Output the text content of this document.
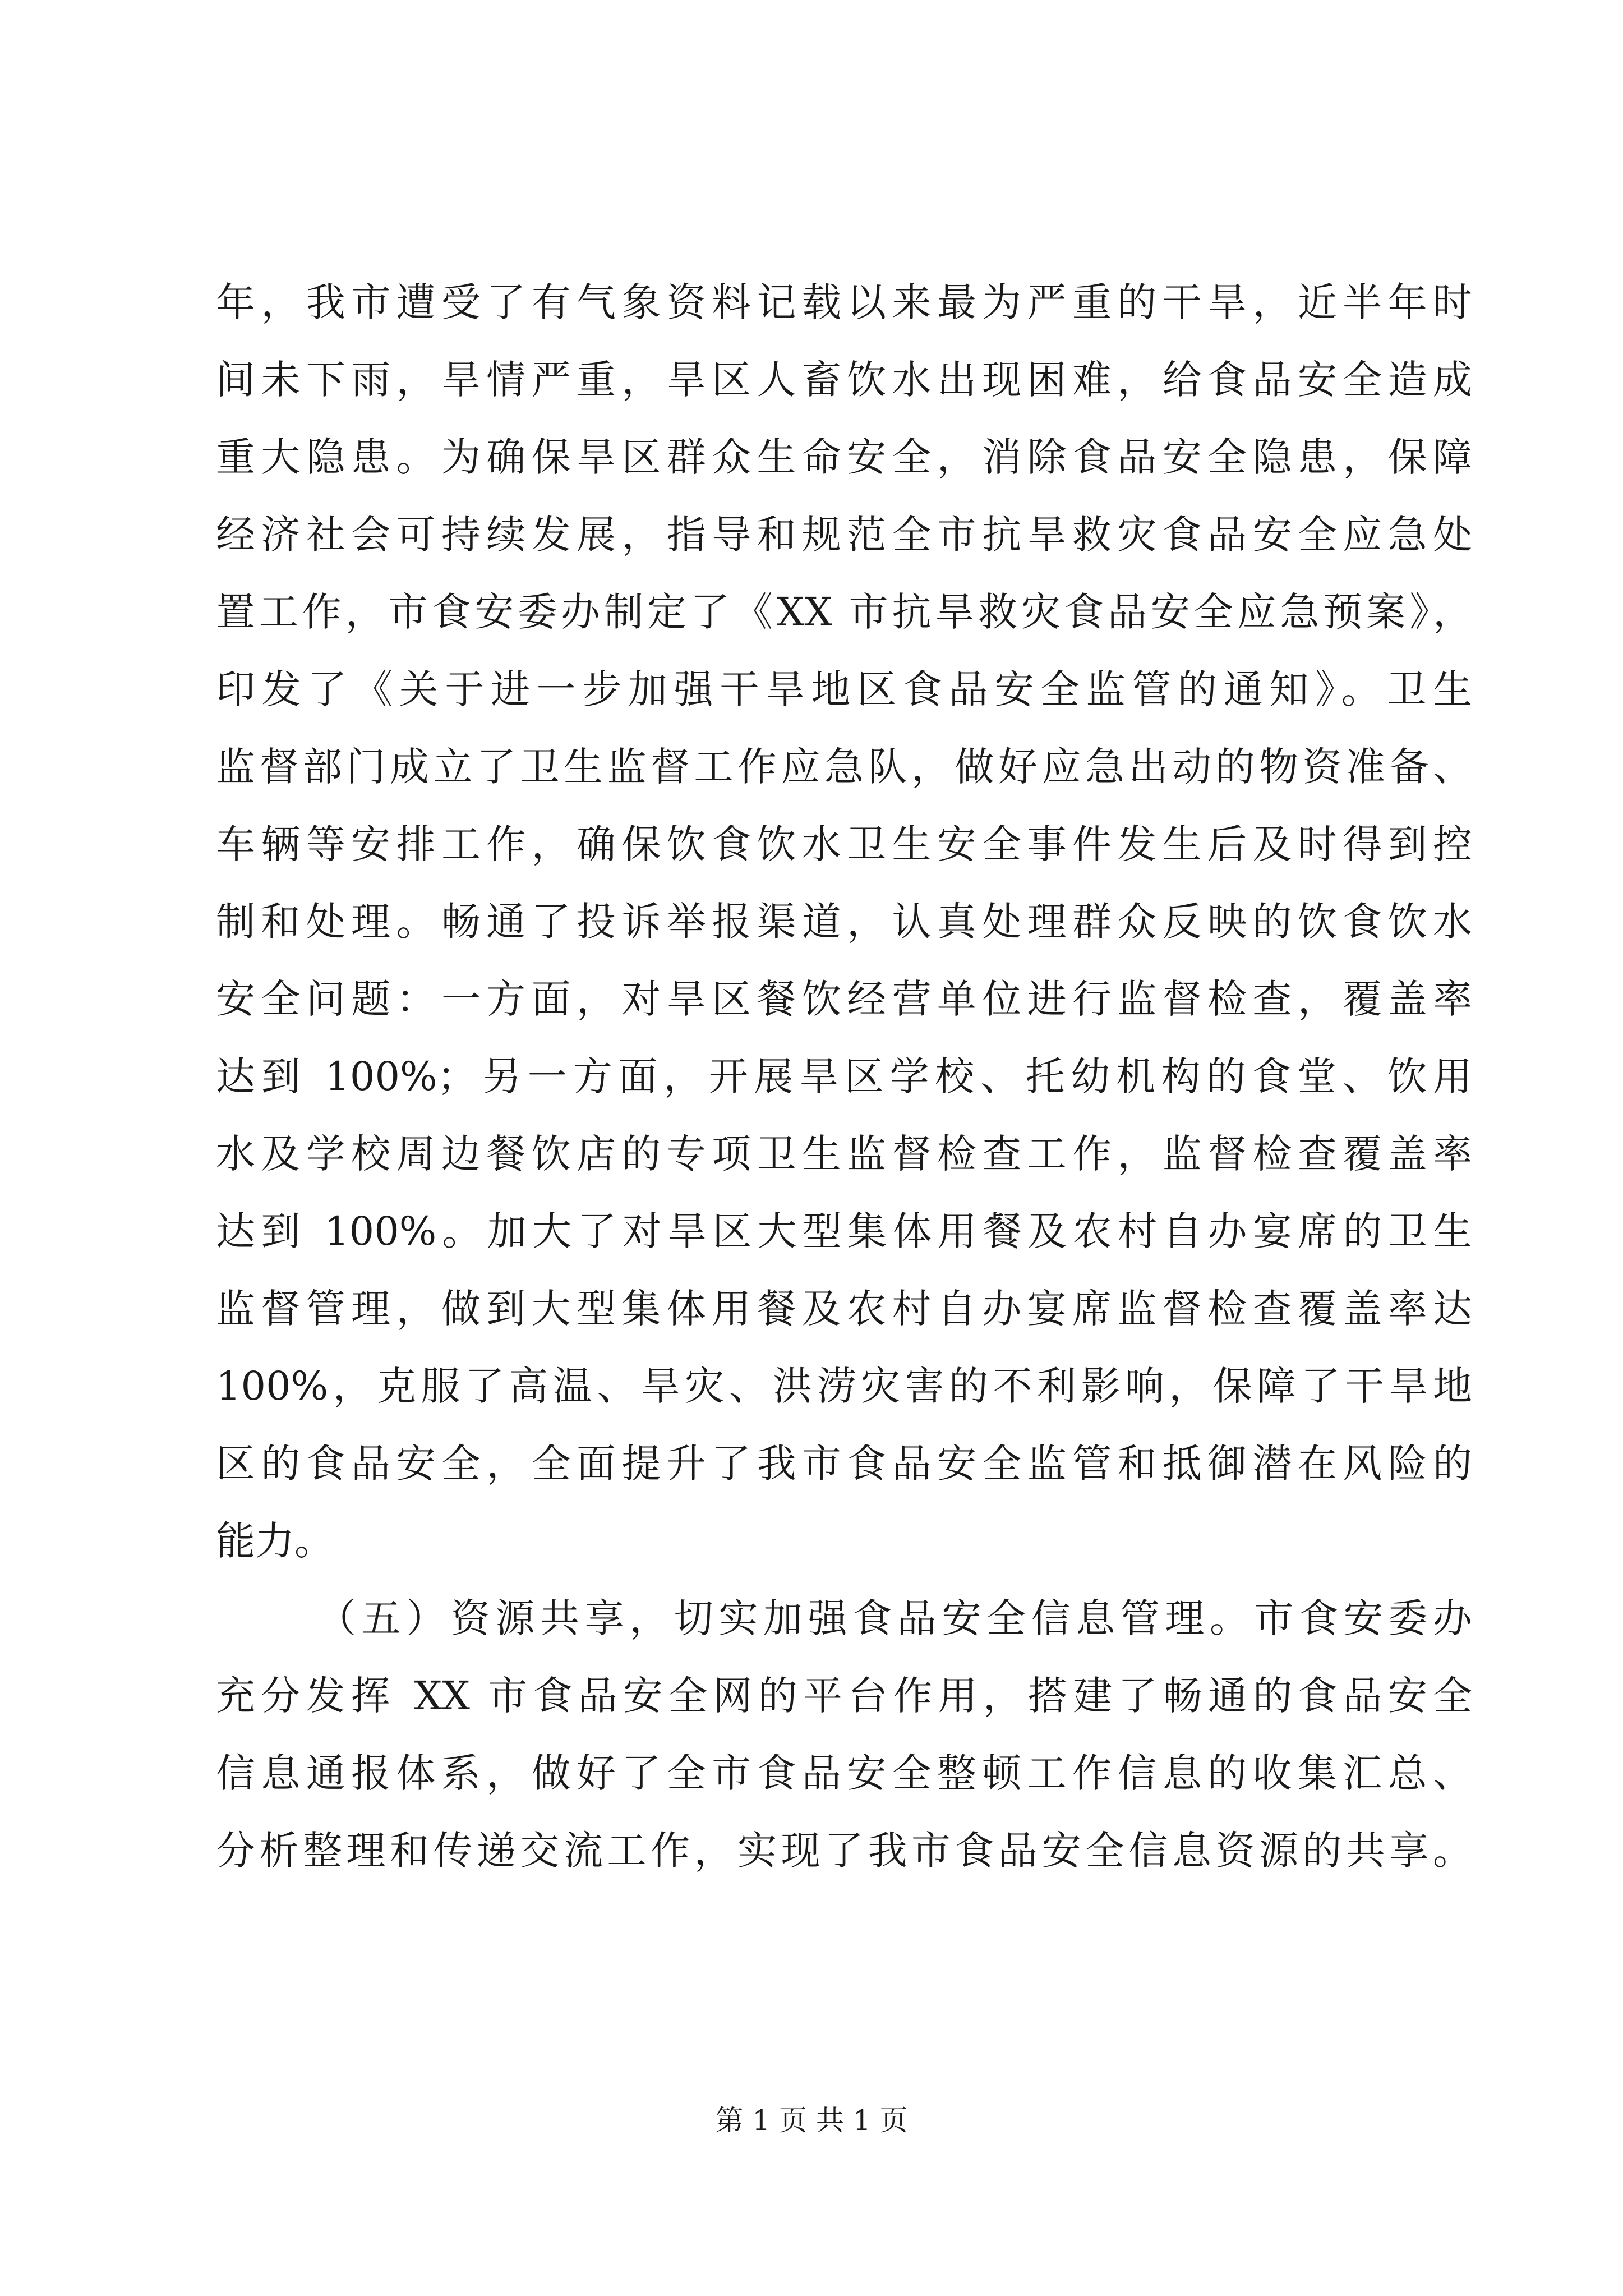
年，我市遭受了有气象资料记载以来最为严重的干旱，近半年时
间未下雨，旱情严重，旱区人畜饮水出现困难，给食品安全造成
重大隐患。为确保旱区群众生命安全，消除食品安全隐患，保障
经济社会可持续发展，指导和规范全市抗旱救灾食品安全应急处
置工作，市食安委办制定了《XX 市抗旱救灾食品安全应急预案》，
印发了《关于进一步加强干旱地区食品安全监管的通知》。卫生
监督部门成立了卫生监督工作应急队，做好应急出动的物资准备、
车辆等安排工作，确保饮食饮水卫生安全事件发生后及时得到控
制和处理。畅通了投诉举报渠道，认真处理群众反映的饮食饮水
安全问题：一方面，对旱区餐饮经营单位进行监督检查，覆盖率
达到 100%；另一方面，开展旱区学校、托幼机构的食堂、饮用
水及学校周边餐饮店的专项卫生监督检查工作，监督检查覆盖率
达到 100%。加大了对旱区大型集体用餐及农村自办宴席的卫生
监督管理，做到大型集体用餐及农村自办宴席监督检查覆盖率达
100%，克服了高温、旱灾、洪涝灾害的不利影响，保障了干旱地
区的食品安全，全面提升了我市食品安全监管和抵御潜在风险的
能力。
（五）资源共享，切实加强食品安全信息管理。市食安委办
充分发挥 XX 市食品安全网的平台作用，搭建了畅通的食品安全
信息通报体系，做好了全市食品安全整顿工作信息的收集汇总、
分析整理和传递交流工作，实现了我市食品安全信息资源的共享。
第 1 页 共 1 页
